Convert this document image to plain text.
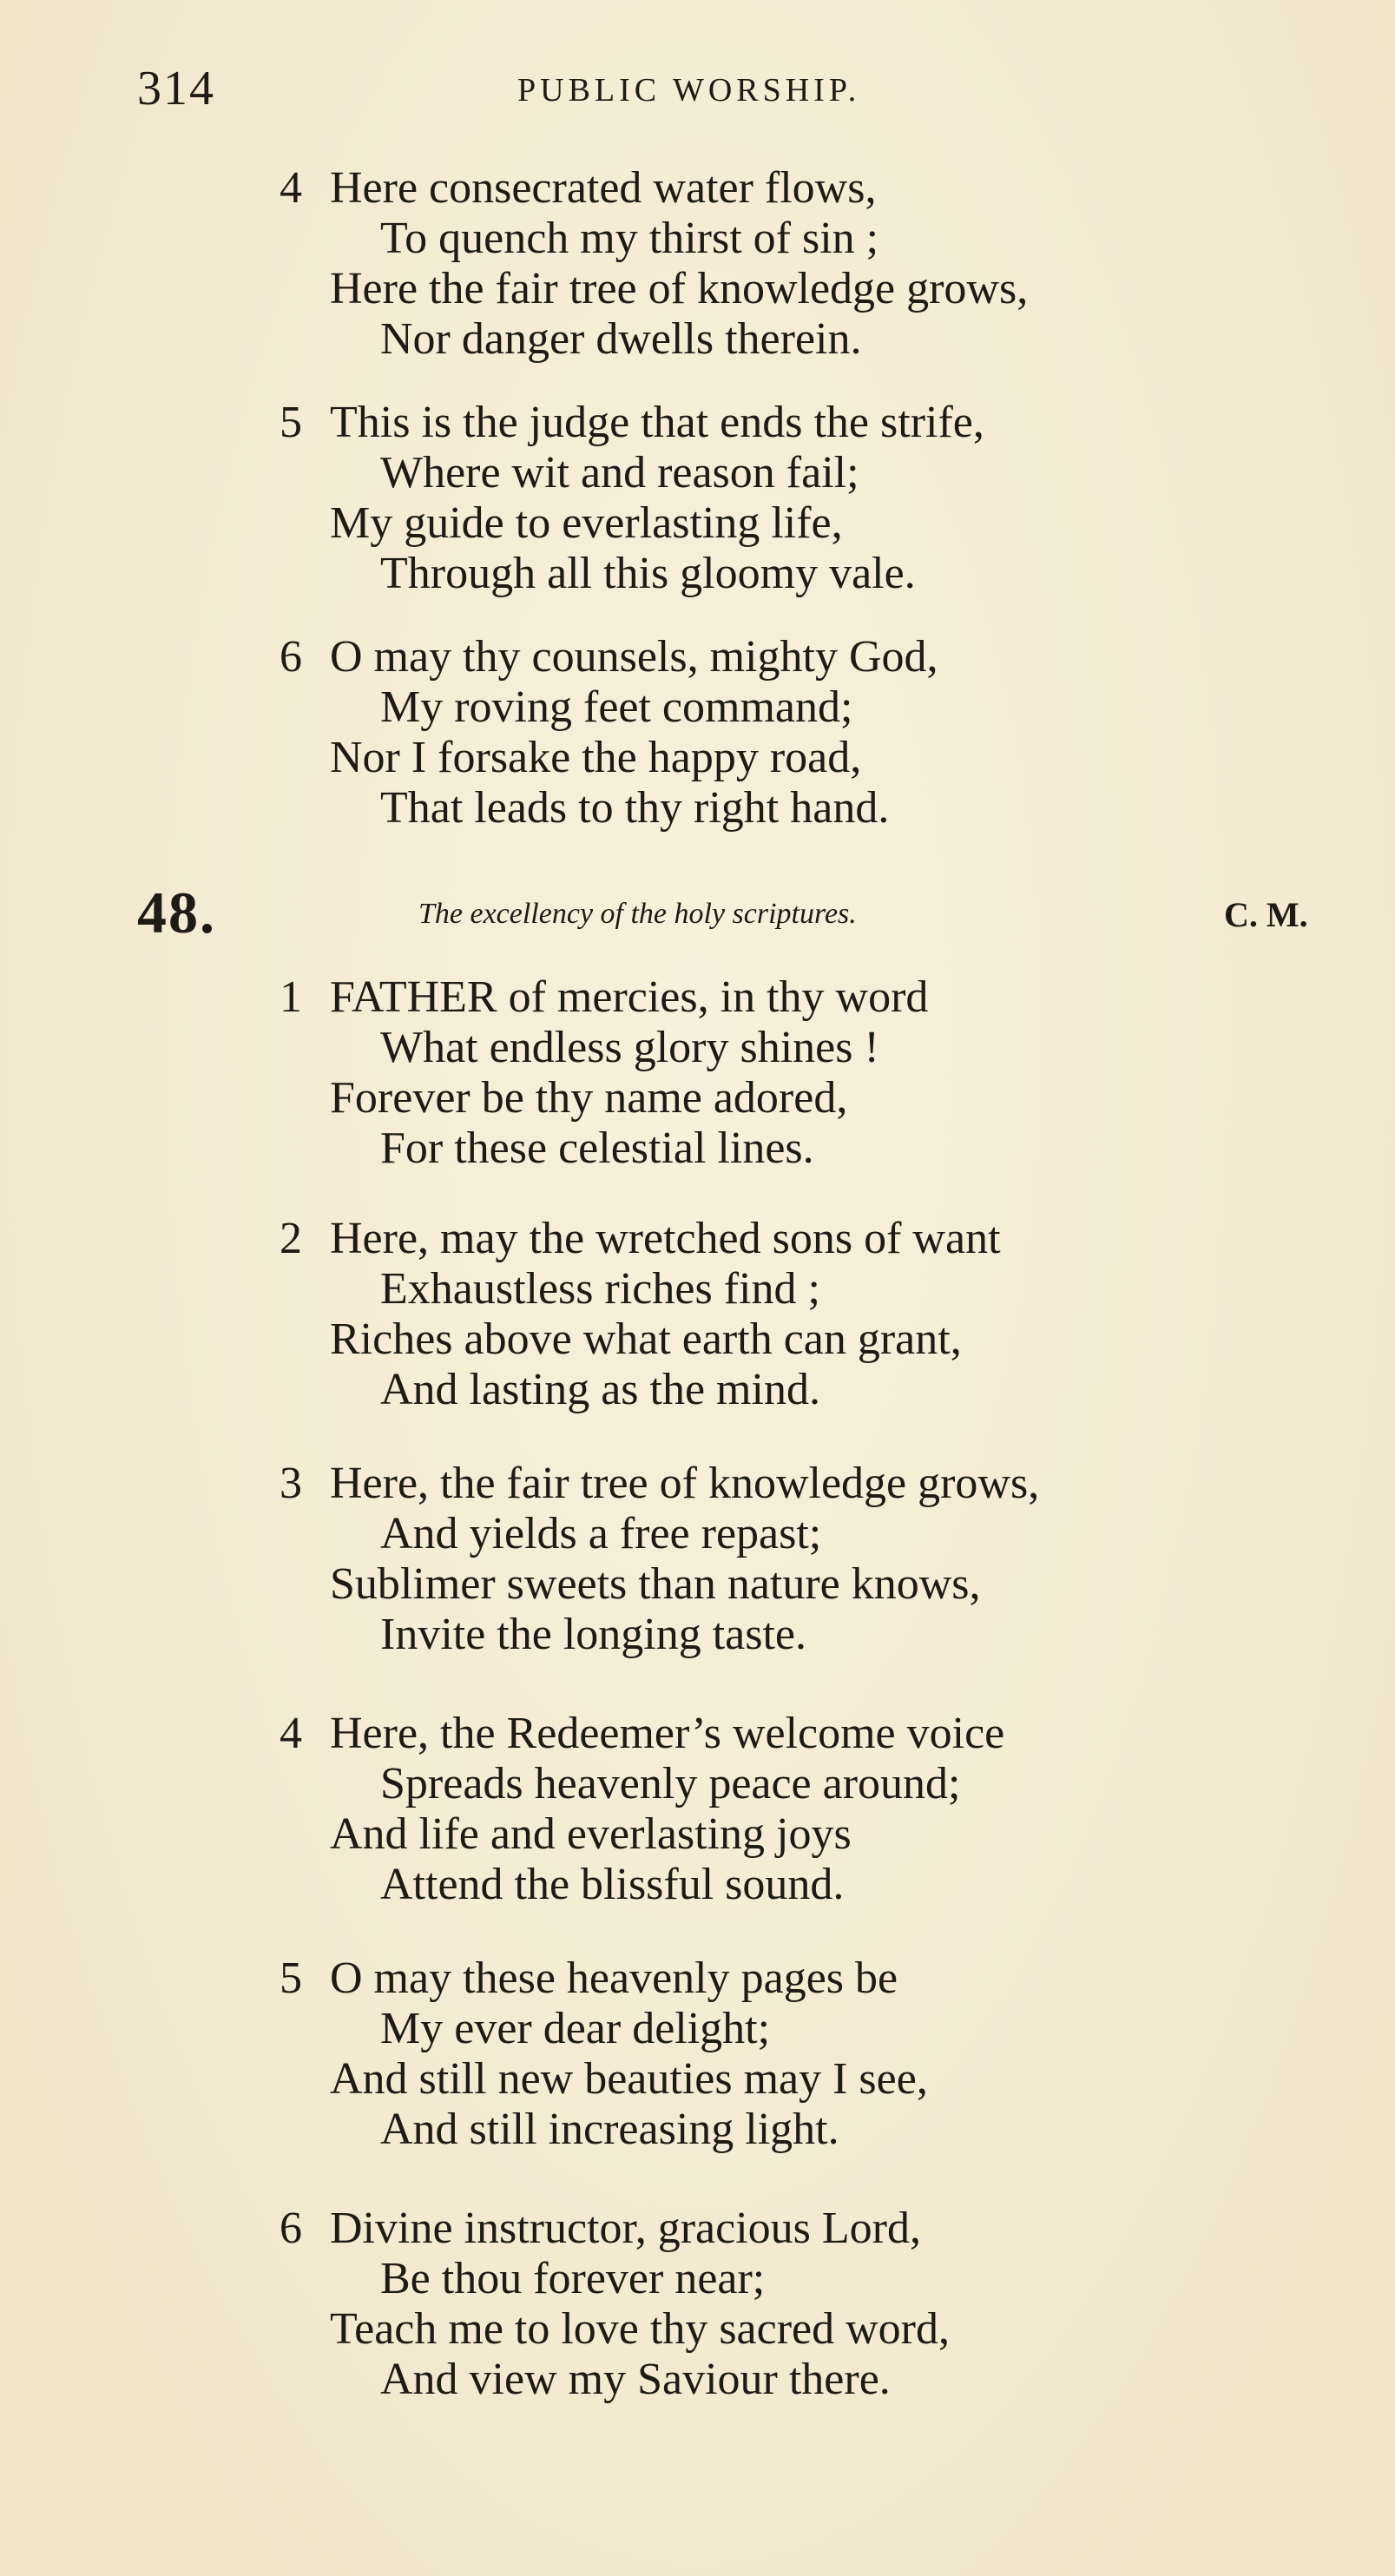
314	PUBLIC WORSHIP.
4 Here consecrated water flows,
To quench my thirst of sin ;
Here the fair tree of knowledge grows,
Nor danger dwells therein.
5 This is the judge that ends the strife,
Where wit and reason fail;
My guide to everlasting life,
Through all this gloomy vale.
6 O may thy counsels, mighty God,
My roving feet command;
Nor I forsake the happy road,
That leads to thy right hand.
48.	The excellency of the holy scriptures.	C. M.
1 FATHER of mercies, in thy word
What endless glory shines !
Forever be thy name adored,
For these celestial lines.
2 Here, may the wretched sons of want
Exhaustless riches find ;
Riches above what earth can grant,
And lasting as the mind.
3 Here, the fair tree of knowledge grows,
And yields a free repast;
Sublimer sweets than nature knows,
Invite the longing taste.
4 Here, the Redeemer’s welcome voice
Spreads heavenly peace around;
And life and everlasting joys
Attend the blissful sound.
5 O may these heavenly pages be
My ever dear delight;
And still new beauties may I see,
And still increasing light.
6 Divine instructor, gracious Lord,
Be thou forever near;
Teach me to love thy sacred word,
And view my Saviour there.
